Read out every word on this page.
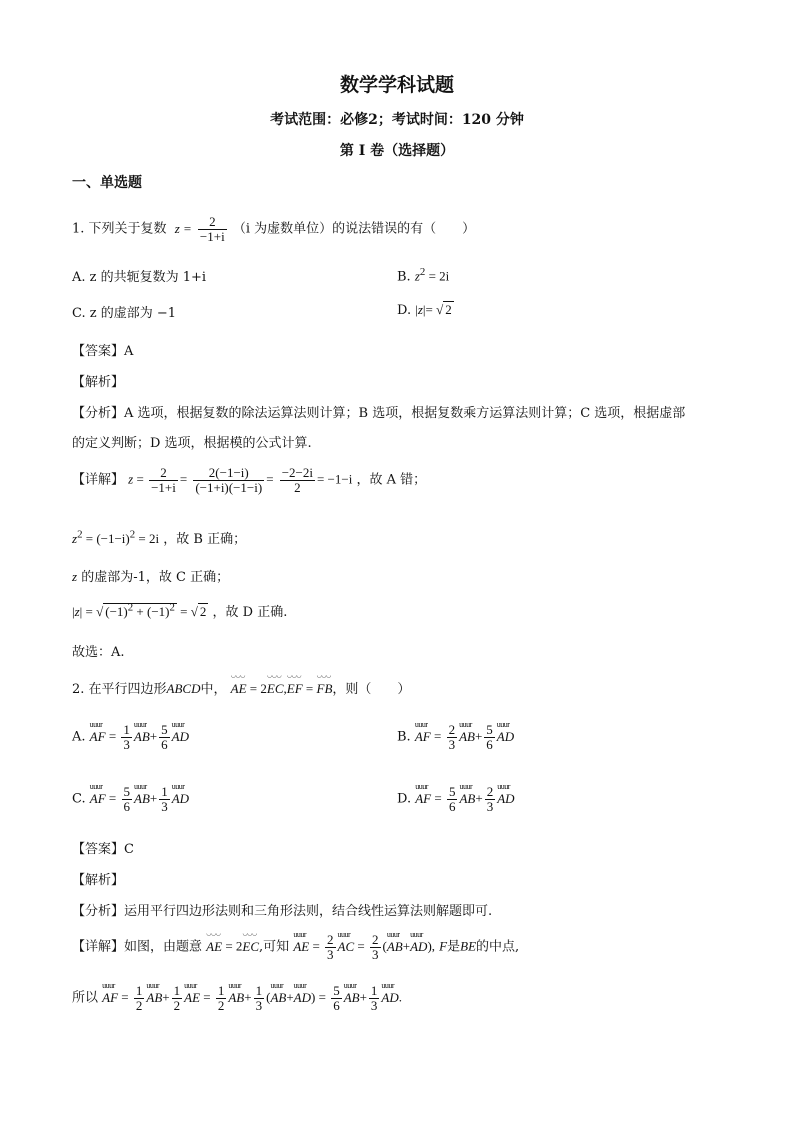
数学学科试题
考试范围：必修2；考试时间：120 分钟
第 I 卷（选择题）
一、单选题
1. 下列关于复数 $z = \frac{2}{-1+i} (i$ 为虚数单位）的说法错误的有（　　）
A. z 的共轭复数为 1+i	B. $z^2 = 2i$
C. z 的虚部为 −1	D. |z|= √ 2
【答案】A
【解析】
【分析】A 选项，根据复数的除法运算法则计算；B 选项，根据复数乘方运算法则计算；C 选项，根据虚部
的定义判断；D 选项，根据模的公式计算.
【详解】 $z = \frac{2}{-1+i} = \frac{2(-1-i)}{(-1+i)(-1-i)} = \frac{-2-2i}{2} = -1-i$ ，故 A 错；
$z^2 = (-1-i)^2 = 2i$ ，故 B 正确；
z 的虚部为-1，故 C 正确；
|z| = √ $(-1)^2 + (-1)^2$ = √ 2 ，故 D 正确.
故选：A.
2. 在平行四边形ABCD中， ◡◡◡ AE = 2◡◡◡ EC,◡◡◡ EF = ◡◡◡ FB，则（　　）
A. uuur AF = $\frac{1}{3}$ uuur $AB+ \frac{5}{6}$ uuur AD	B. uuur AF = $\frac{2}{3}$ uuur $AB+ \frac{5}{6}$ uuur AD
C. uuur AF = $\frac{5}{6}$ uuur $AB+ \frac{1}{3}$ uuur AD	D. uuur AF = $\frac{5}{6}$ uuur $AB+ \frac{2}{3}$ uuur AD
【答案】C
【解析】
【分析】运用平行四边形法则和三角形法则，结合线性运算法则解题即可.
【详解】如图，由题意 ◡◡◡ AE = 2◡◡◡ EC,可知 uuur AE = $\frac{2}{3}$ uuur AC = $\frac{2}{3}$ (uuur AB+uuur AD), F是BE的中点,
所以 uuur AF = $\frac{1}{2}$ uuur $AB+ \frac{1}{2}$ uuur AE = $\frac{1}{2}$ uuur $AB+ \frac{1}{3}$ (uuur AB+uuur $AD) = \frac{5}{6}$ uuur $AB+ \frac{1}{3}$ uuur AD.
